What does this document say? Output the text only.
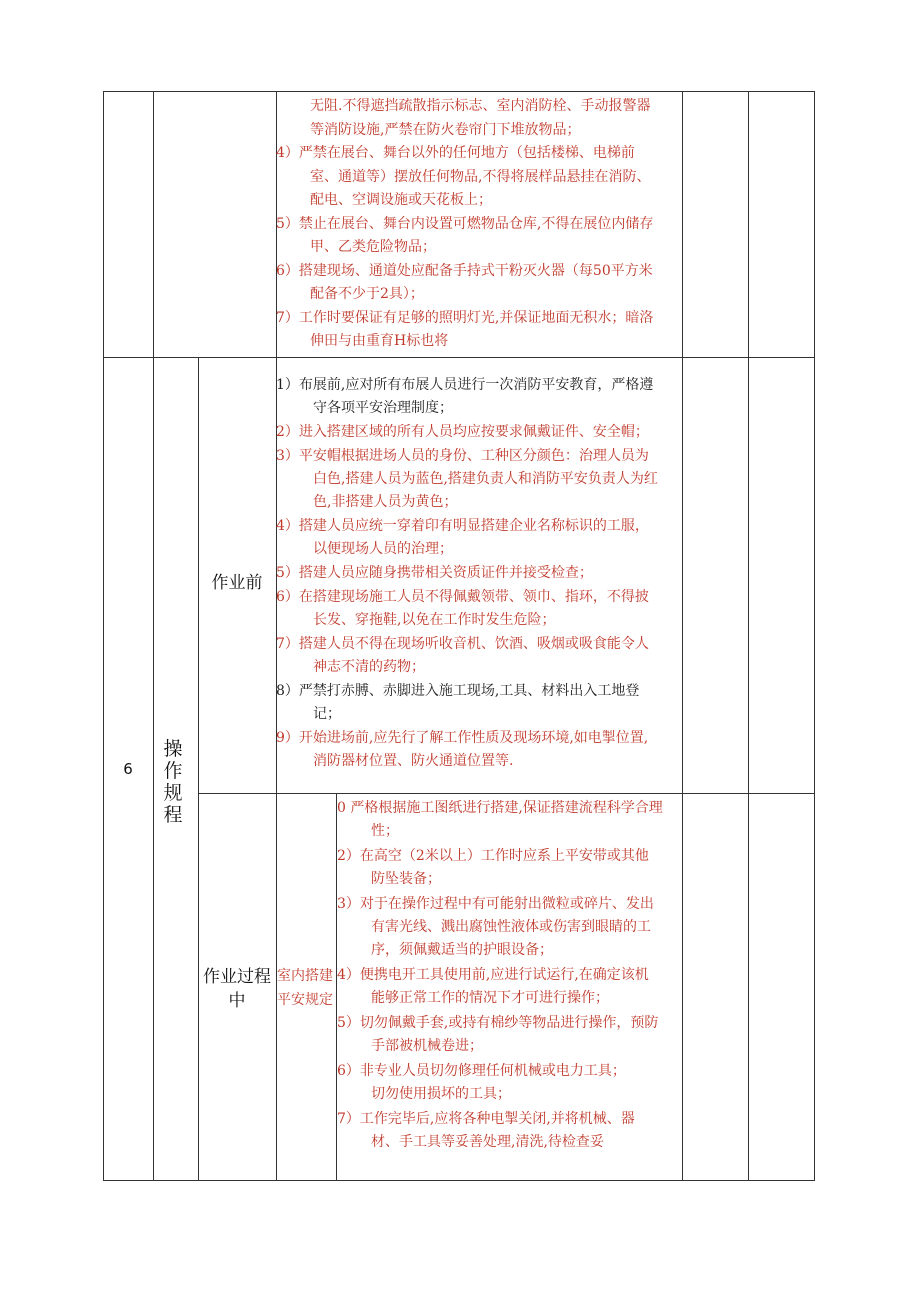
6
操作规程
作业前
作业过程中
室内搭建平安规定
无阻.不得遮挡疏散指示标志、室内消防栓、手动报警器
等消防设施,严禁在防火卷帘门下堆放物品；
4）严禁在展台、舞台以外的任何地方（包括楼梯、电梯前
室、通道等）摆放任何物品,不得将展样品悬挂在消防、
配电、空调设施或天花板上；
5）禁止在展台、舞台内设置可燃物品仓库,不得在展位内储存
甲、乙类危险物品；
6）搭建现场、通道处应配备手持式干粉灭火器（每50平方米
配备不少于2具）；
7）工作时要保证有足够的照明灯光,并保证地面无积水；暗洛
伸田与由重育H标也将
1）布展前,应对所有布展人员进行一次消防平安教育，严格遵
守各项平安治理制度；
2）进入搭建区域的所有人员均应按要求佩戴证件、安全帽；
3）平安帽根据进场人员的身份、工种区分颜色：治理人员为
白色,搭建人员为蓝色,搭建负责人和消防平安负责人为红
色,非搭建人员为黄色；
4）搭建人员应统一穿着印有明显搭建企业名称标识的工服，
以便现场人员的治理；
5）搭建人员应随身携带相关资质证件并接受检查；
6）在搭建现场施工人员不得佩戴领带、领巾、指环，不得披
长发、穿拖鞋,以免在工作时发生危险；
7）搭建人员不得在现场听收音机、饮酒、吸烟或吸食能令人
神志不清的药物；
8）严禁打赤膊、赤脚进入施工现场,工具、材料出入工地登
记；
9）开始进场前,应先行了解工作性质及现场环境,如电掣位置,
消防器材位置、防火通道位置等.
0 严格根据施工图纸进行搭建,保证搭建流程科学合理
性；
2）在高空（2米以上）工作时应系上平安带或其他
防坠装备；
3）对于在操作过程中有可能射出微粒或碎片、发出
有害光线、溅出腐蚀性液体或伤害到眼睛的工
序，须佩戴适当的护眼设备；
4）便携电开工具使用前,应进行试运行,在确定该机
能够正常工作的情况下才可进行操作；
5）切勿佩戴手套,或持有棉纱等物品进行操作，预防
手部被机械卷进；
6）非专业人员切勿修理任何机械或电力工具；
切勿使用损坏的工具；
7）工作完毕后,应将各种电掣关闭,并将机械、器
材、手工具等妥善处理,清洗,待检查妥
